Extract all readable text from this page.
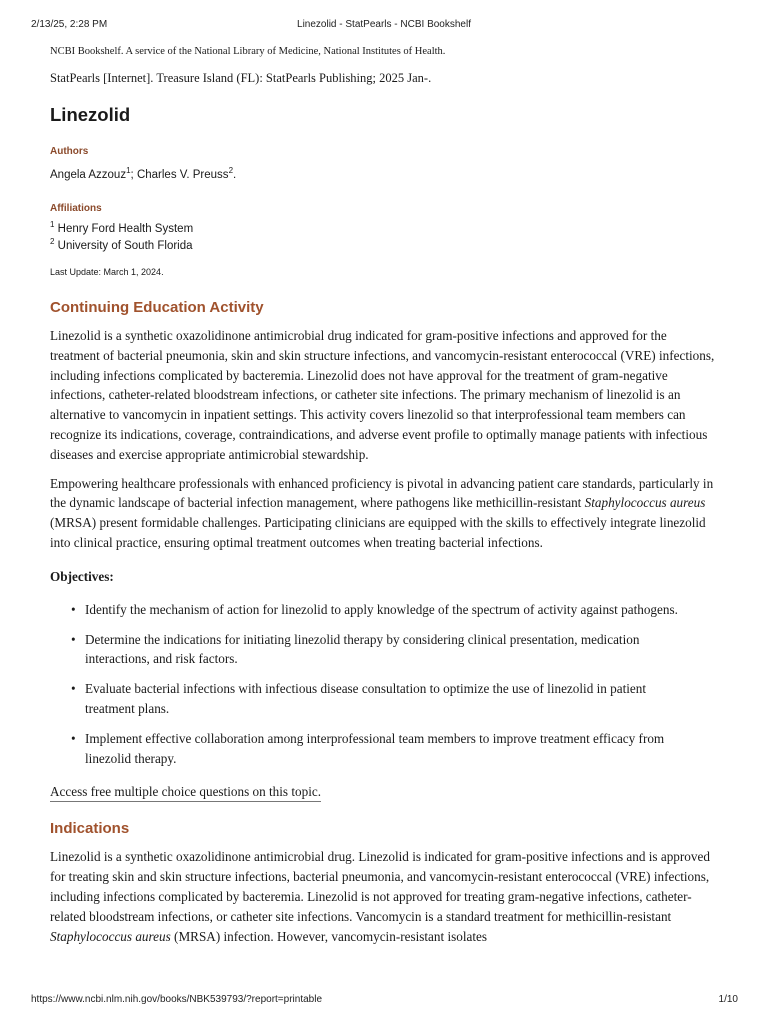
2/13/25, 2:28 PM	Linezolid - StatPearls - NCBI Bookshelf

NCBI Bookshelf. A service of the National Library of Medicine, National Institutes of Health.

StatPearls [Internet]. Treasure Island (FL): StatPearls Publishing; 2025 Jan-.

Linezolid

Authors

Angela Azzouz$^1$; Charles V. Preuss$^2$.

Affiliations

$^1$ Henry Ford Health System

$^2$ University of South Florida

Last Update: March 1, 2024.

Continuing Education Activity

Linezolid is a synthetic oxazolidinone antimicrobial drug indicated for gram-positive infections and approved for the treatment of bacterial pneumonia, skin and skin structure infections, and vancomycin-resistant enterococcal (VRE) infections, including infections complicated by bacteremia. Linezolid does not have approval for the treatment of gram-negative infections, catheter-related bloodstream infections, or catheter site infections. The primary mechanism of linezolid is an alternative to vancomycin in inpatient settings. This activity covers linezolid so that interprofessional team members can recognize its indications, coverage, contraindications, and adverse event profile to optimally manage patients with infectious diseases and exercise appropriate antimicrobial stewardship.

Empowering healthcare professionals with enhanced proficiency is pivotal in advancing patient care standards, particularly in the dynamic landscape of bacterial infection management, where pathogens like methicillin-resistant Staphylococcus aureus (MRSA) present formidable challenges. Participating clinicians are equipped with the skills to effectively integrate linezolid into clinical practice, ensuring optimal treatment outcomes when treating bacterial infections.

Objectives:

• Identify the mechanism of action for linezolid to apply knowledge of the spectrum of activity against pathogens.
• Determine the indications for initiating linezolid therapy by considering clinical presentation, medication interactions, and risk factors.
• Evaluate bacterial infections with infectious disease consultation to optimize the use of linezolid in patient treatment plans.
• Implement effective collaboration among interprofessional team members to improve treatment efficacy from linezolid therapy.
Access free multiple choice questions on this topic.
Indications

Linezolid is a synthetic oxazolidinone antimicrobial drug. Linezolid is indicated for gram-positive infections and is approved for treating skin and skin structure infections, bacterial pneumonia, and vancomycin-resistant enterococcal (VRE) infections, including infections complicated by bacteremia. Linezolid is not approved for treating gram-negative infections, catheter-related bloodstream infections, or catheter site infections. Vancomycin is a standard treatment for methicillin-resistant Staphylococcus aureus (MRSA) infection. However, vancomycin-resistant isolates

https://www.ncbi.nlm.nih.gov/books/NBK539793/?report=printable	1/10
